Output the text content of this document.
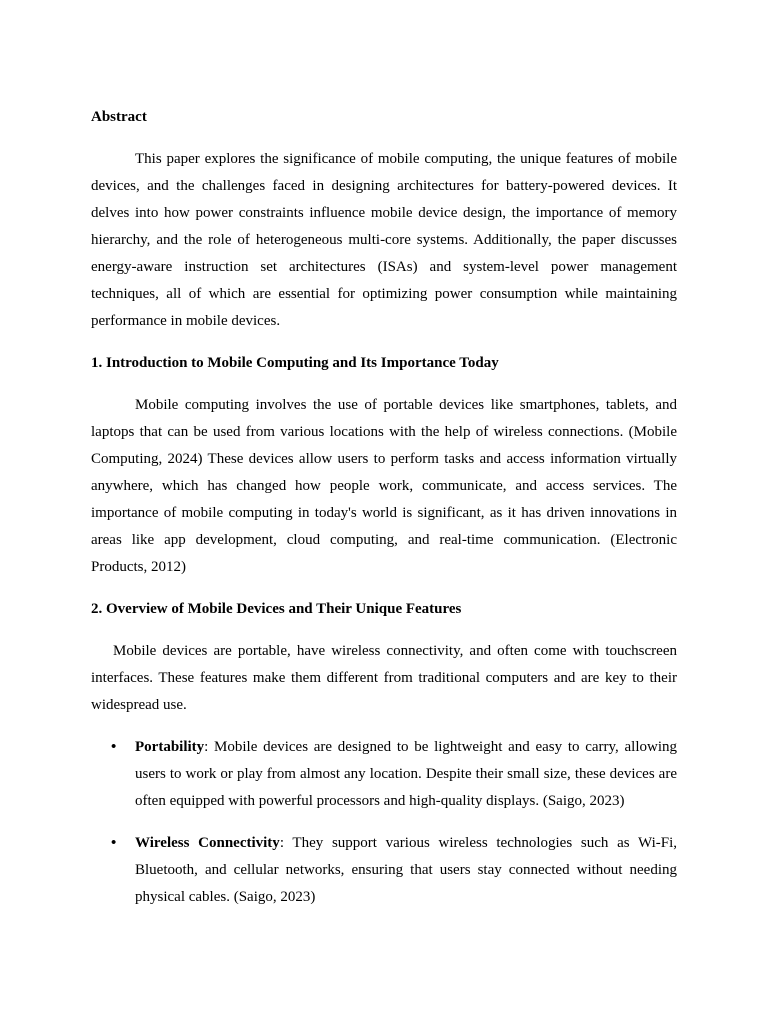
Abstract

This paper explores the significance of mobile computing, the unique features of mobile devices, and the challenges faced in designing architectures for battery-powered devices. It delves into how power constraints influence mobile device design, the importance of memory hierarchy, and the role of heterogeneous multi-core systems. Additionally, the paper discusses energy-aware instruction set architectures (ISAs) and system-level power management techniques, all of which are essential for optimizing power consumption while maintaining performance in mobile devices.

1. Introduction to Mobile Computing and Its Importance Today

Mobile computing involves the use of portable devices like smartphones, tablets, and laptops that can be used from various locations with the help of wireless connections. (Mobile Computing, 2024) These devices allow users to perform tasks and access information virtually anywhere, which has changed how people work, communicate, and access services. The importance of mobile computing in today's world is significant, as it has driven innovations in areas like app development, cloud computing, and real-time communication. (Electronic Products, 2012)

2. Overview of Mobile Devices and Their Unique Features

Mobile devices are portable, have wireless connectivity, and often come with touchscreen interfaces. These features make them different from traditional computers and are key to their widespread use.

• Portability: Mobile devices are designed to be lightweight and easy to carry, allowing users to work or play from almost any location. Despite their small size, these devices are often equipped with powerful processors and high-quality displays. (Saigo, 2023)
• Wireless Connectivity: They support various wireless technologies such as Wi-Fi, Bluetooth, and cellular networks, ensuring that users stay connected without needing physical cables. (Saigo, 2023)
